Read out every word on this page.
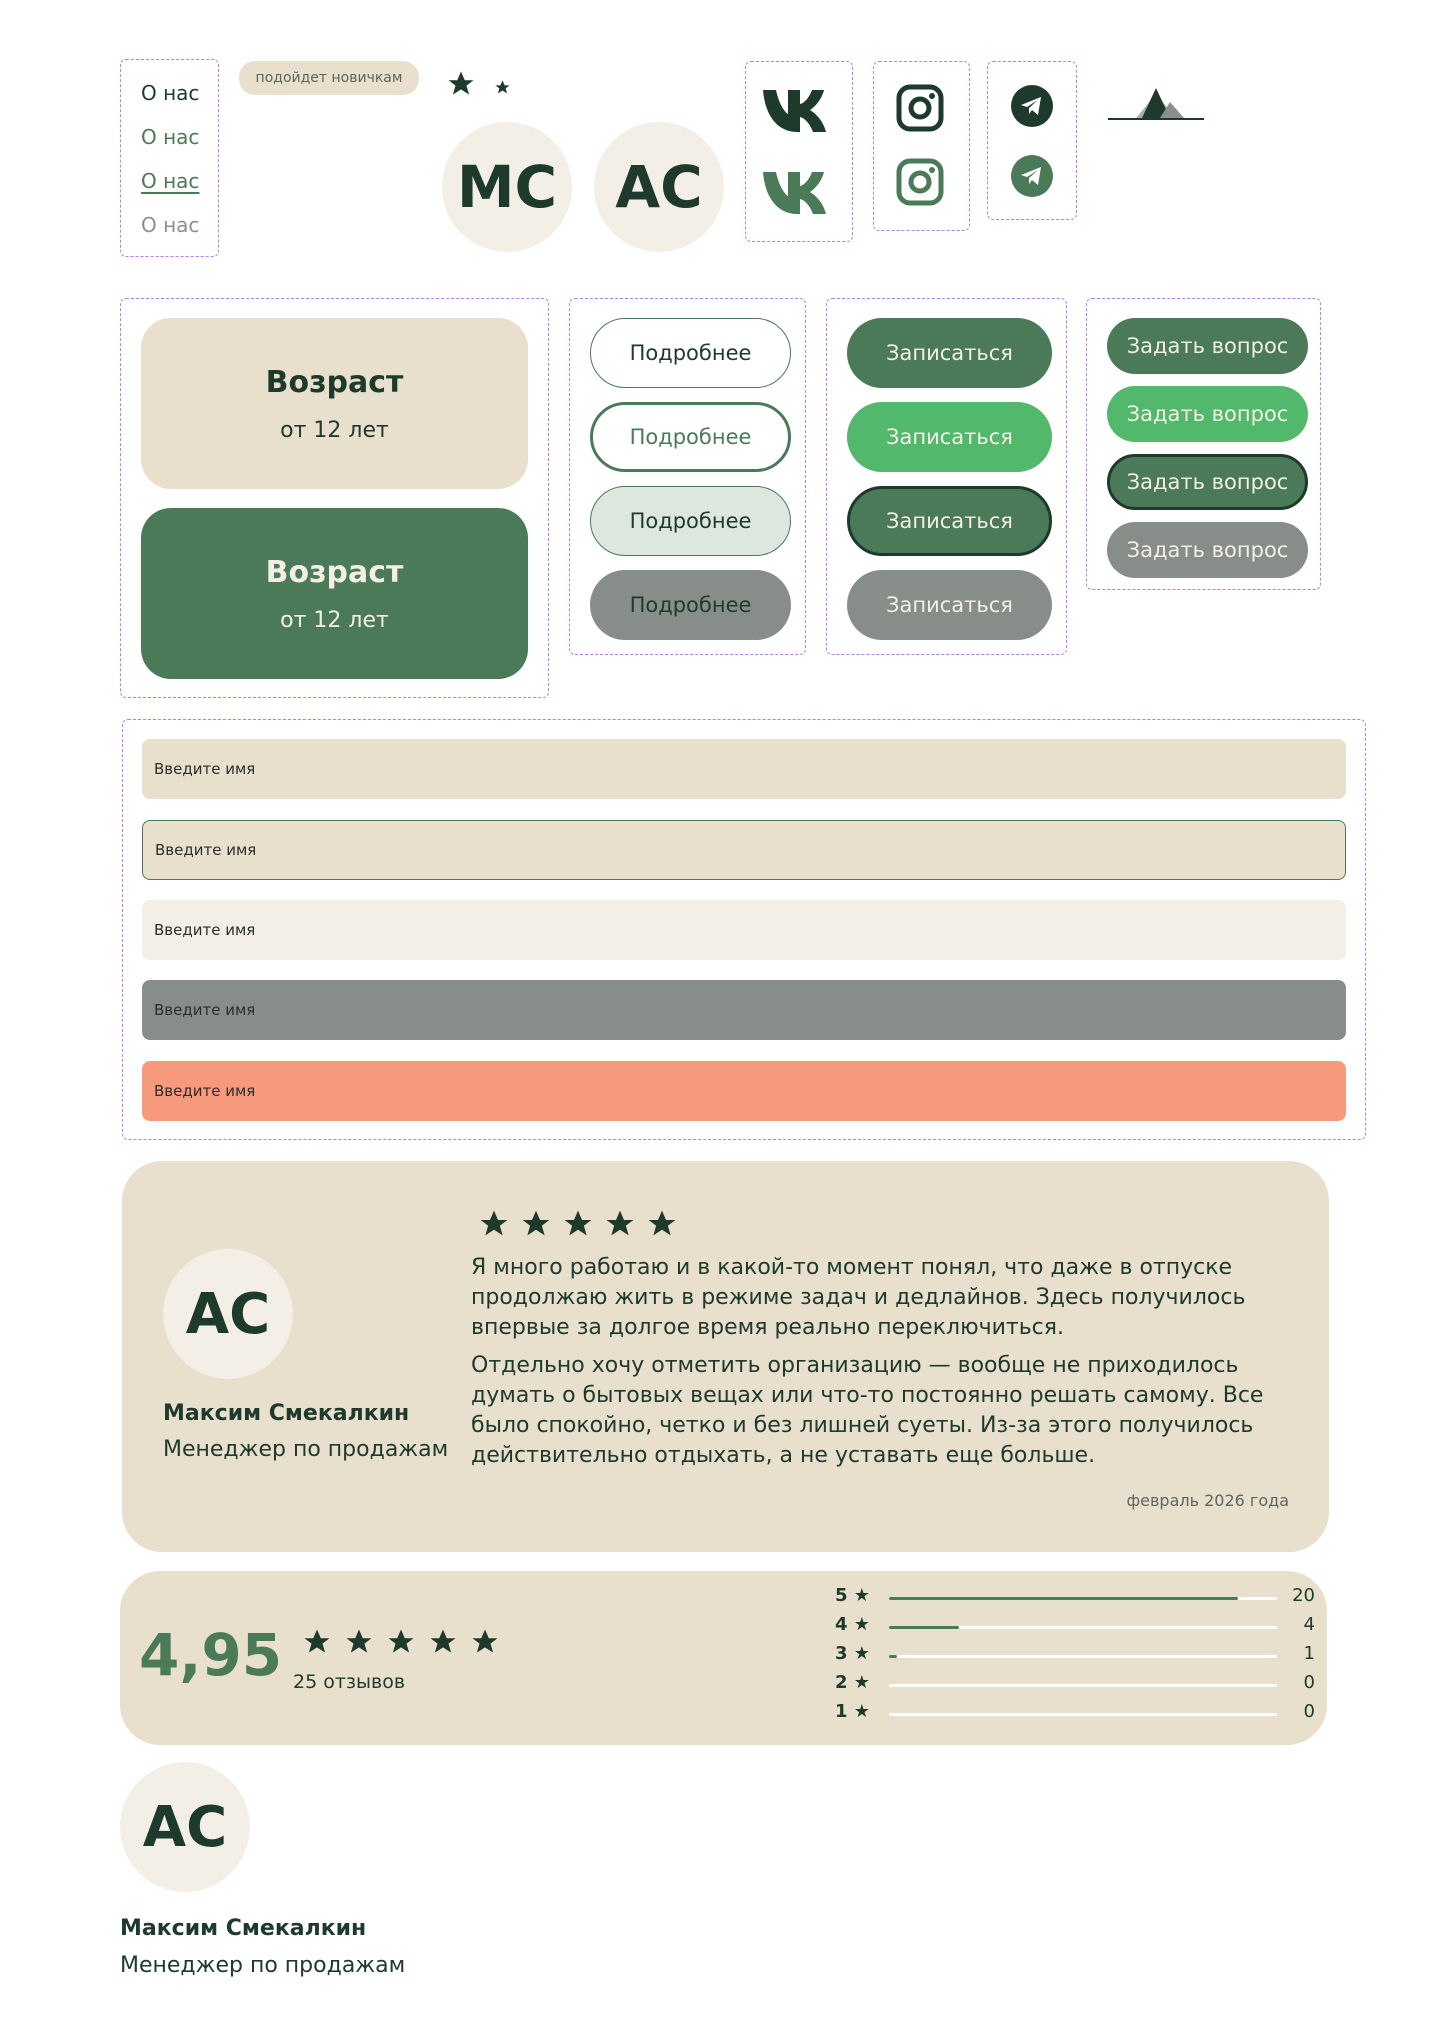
О нас
О нас
О нас
О нас
подойдет новичкам
МС	АС
Возраст
от 12 лет
Возраст
от 12 лет
Подробнее
Подробнее
Подробнее
Подробнее
Записаться
Записаться
Записаться
Записаться
Задать вопрос
Задать вопрос
Задать вопрос
Задать вопрос
Введите имя
Введите имя
Введите имя
Введите имя
Введите имя
АС
Максим Смекалкин
Менеджер по продажам

Я много работаю и в какой-то момент понял, что даже в отпуске продолжаю жить в режиме задач и дедлайнов. Здесь получилось впервые за долгое время реально переключиться.

Отдельно хочу отметить организацию — вообще не приходилось думать о бытовых вещах или что-то постоянно решать самому. Все было спокойно, четко и без лишней суеты. Из-за этого получилось действительно отдыхать, а не уставать еще больше.

февраль 2026 года
4,95 25 отзывов
5 ★	20
4 ★	4
3 ★	1
2 ★	0
1 ★	0
АС
Максим Смекалкин
Менеджер по продажам
